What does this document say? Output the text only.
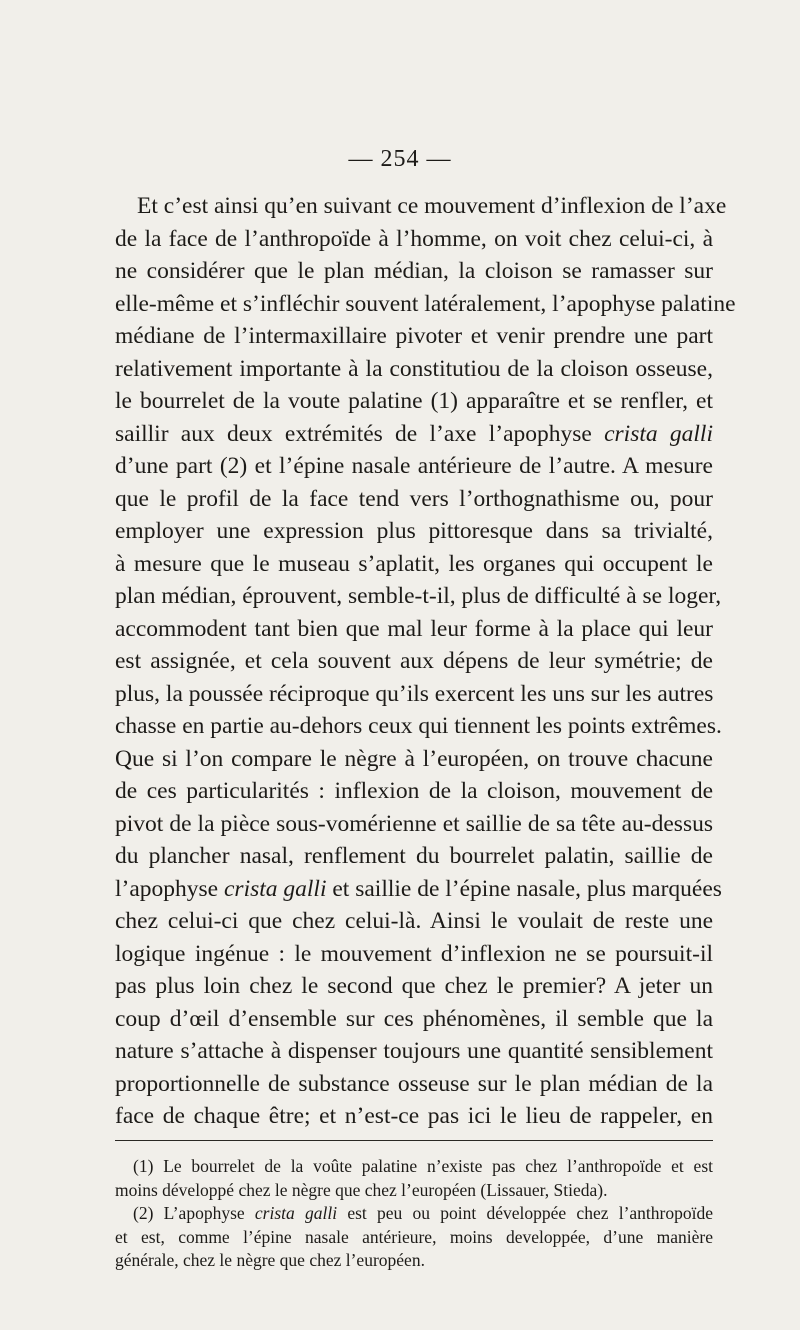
— 254 —
Et c’est ainsi qu’en suivant ce mouvement d’inflexion de l’axe
de la face de l’anthropoïde à l’homme, on voit chez celui-ci, à
ne considérer que le plan médian, la cloison se ramasser sur
elle-même et s’infléchir souvent latéralement, l’apophyse palatine
médiane de l’intermaxillaire pivoter et venir prendre une part
relativement importante à la constitutiou de la cloison osseuse,
le bourrelet de la voute palatine (1) apparaître et se renfler, et
saillir aux deux extrémités de l’axe l’apophyse crista galli
d’une part (2) et l’épine nasale antérieure de l’autre. A mesure
que le profil de la face tend vers l’orthognathisme ou, pour
employer une expression plus pittoresque dans sa trivialté,
à mesure que le museau s’aplatit, les organes qui occupent le
plan médian, éprouvent, semble-t-il, plus de difficulté à se loger,
accommodent tant bien que mal leur forme à la place qui leur
est assignée, et cela souvent aux dépens de leur symétrie; de
plus, la poussée réciproque qu’ils exercent les uns sur les autres
chasse en partie au-dehors ceux qui tiennent les points extrêmes.
Que si l’on compare le nègre à l’européen, on trouve chacune
de ces particularités : inflexion de la cloison, mouvement de
pivot de la pièce sous-vomérienne et saillie de sa tête au-dessus
du plancher nasal, renflement du bourrelet palatin, saillie de
l’apophyse crista galli et saillie de l’épine nasale, plus marquées
chez celui-ci que chez celui-là. Ainsi le voulait de reste une
logique ingénue : le mouvement d’inflexion ne se poursuit-il
pas plus loin chez le second que chez le premier? A jeter un
coup d’œil d’ensemble sur ces phénomènes, il semble que la
nature s’attache à dispenser toujours une quantité sensiblement
proportionnelle de substance osseuse sur le plan médian de la
face de chaque être; et n’est-ce pas ici le lieu de rappeler, en
(1) Le bourrelet de la voûte palatine n’existe pas chez l’anthropoïde et est
moins développé chez le nègre que chez l’européen (Lissauer, Stieda).
(2) L’apophyse crista galli est peu ou point développée chez l’anthropoïde
et est, comme l’épine nasale antérieure, moins developpée, d’une manière
générale, chez le nègre que chez l’européen.
